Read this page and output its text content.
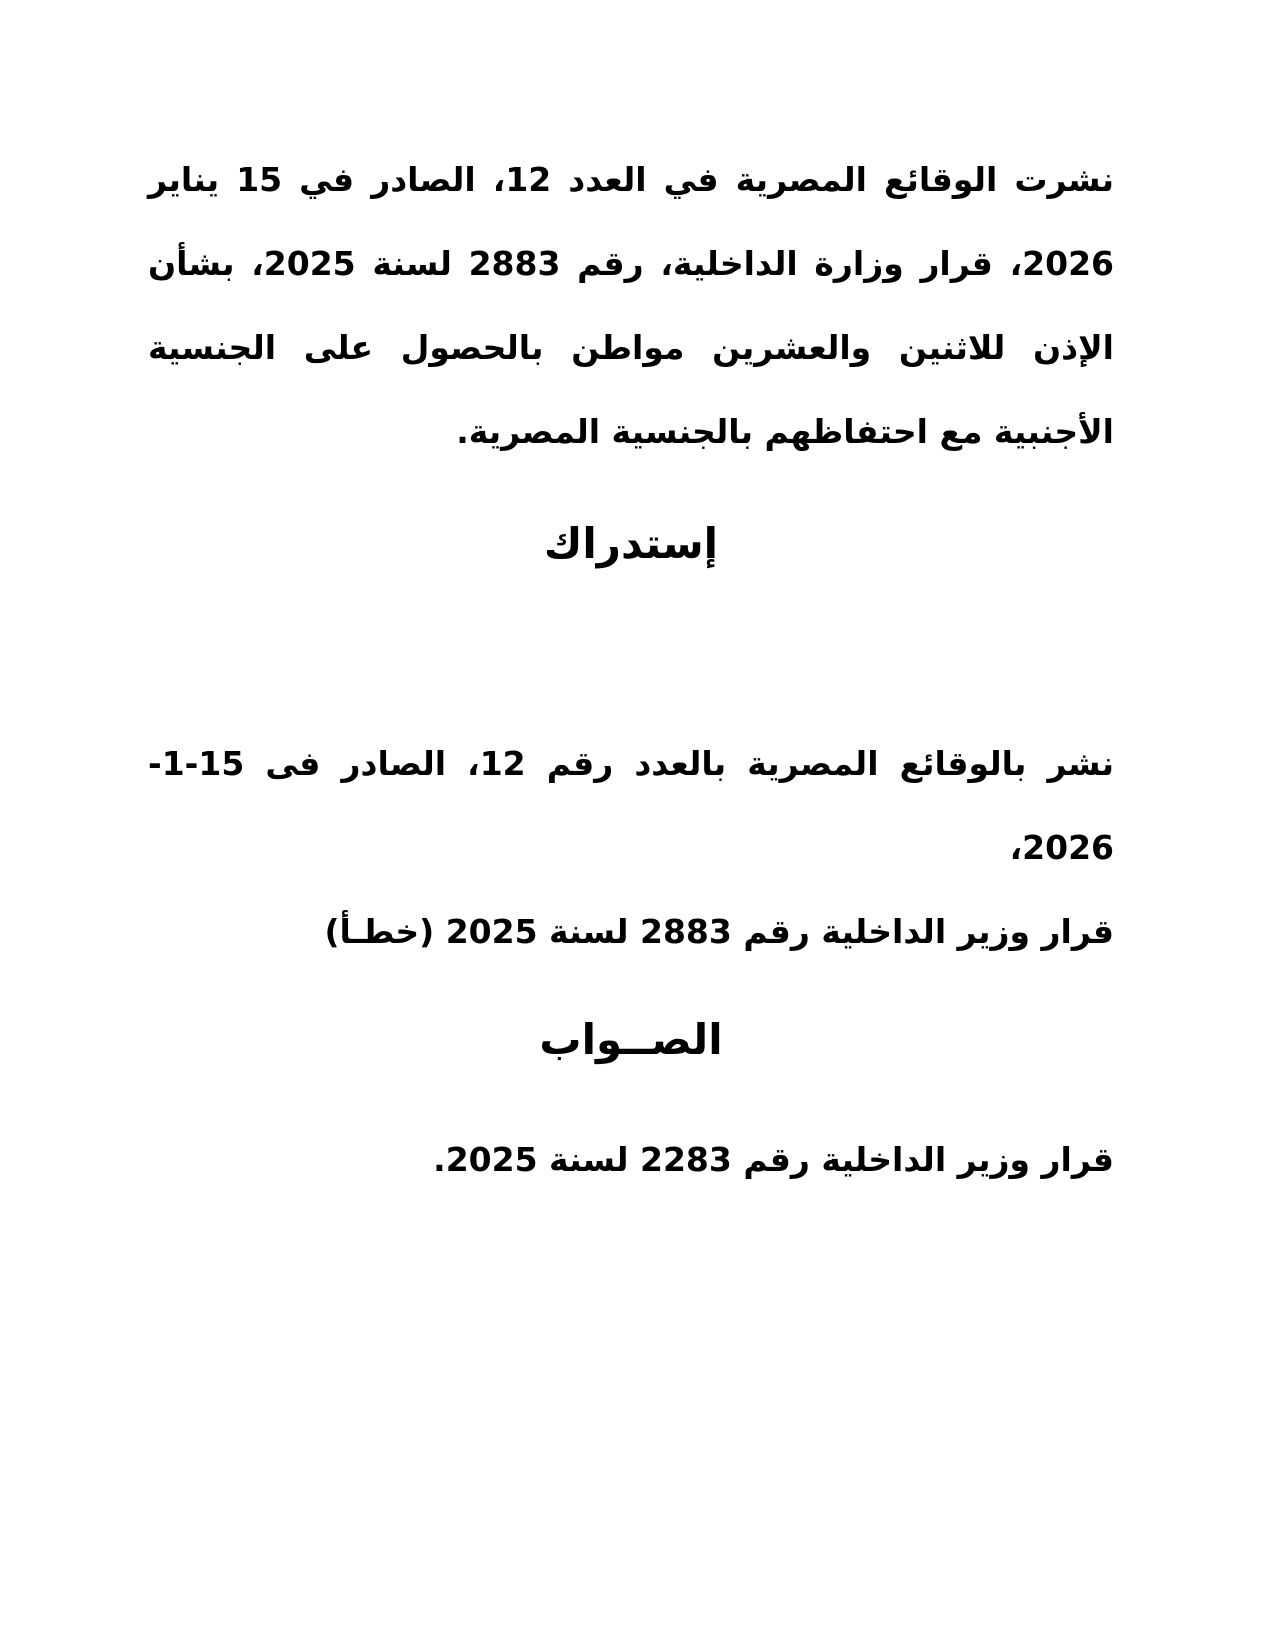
نشرت الوقائع المصرية في العدد 12، الصادر في 15 يناير 2026، قرار وزارة الداخلية، رقم 2883 لسنة 2025، بشأن الإذن للاثنين والعشرين مواطن بالحصول على الجنسية الأجنبية مع احتفاظهم بالجنسية المصرية.

إستدراك
نشر بالوقائع المصرية بالعدد رقم 12، الصادر فى 15-1-2026،
قرار وزير الداخلية رقم 2883 لسنة 2025 (خطـأ)
الصــواب

قرار وزير الداخلية رقم 2283 لسنة 2025.
